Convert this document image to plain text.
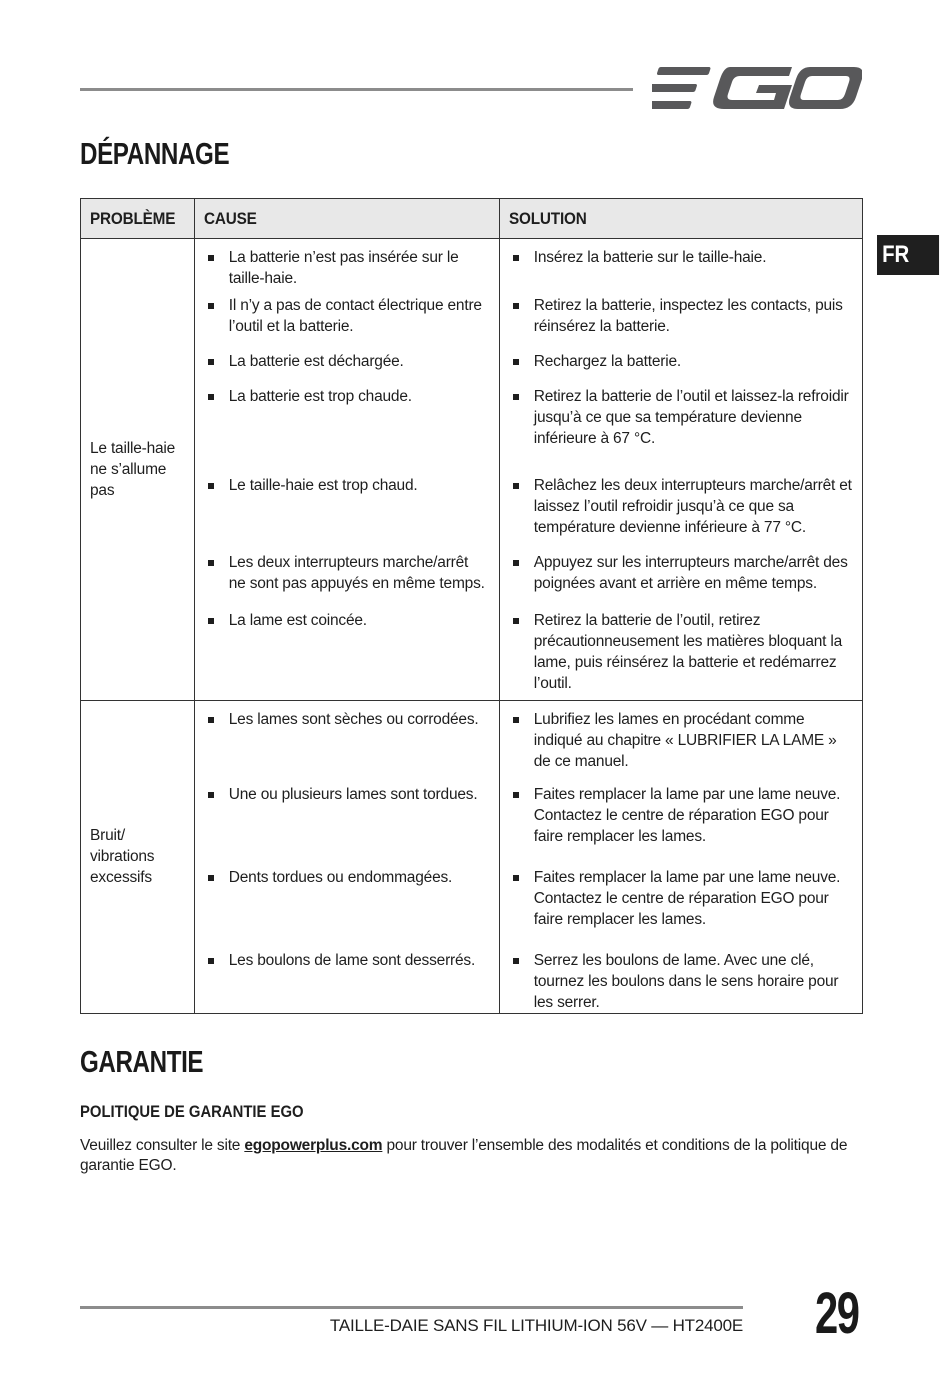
FR
DÉPANNAGE
PROBLÈME	CAUSE	SOLUTION
Le taille-haie ne s’allume pas	La batterie n’est pas insérée sur le taille-haie.	Insérez la batterie sur le taille-haie.

	Il n’y a pas de contact électrique entre l’outil et la batterie.	Retirez la batterie, inspectez les contacts, puis réinsérez la batterie.

	La batterie est déchargée.	Rechargez la batterie.

	La batterie est trop chaude.	Retirez la batterie de l’outil et laissez-la refroidir jusqu’à ce que sa température devienne inférieure à 67 °C.

	Le taille-haie est trop chaud.	Relâchez les deux interrupteurs marche/arrêt et laissez l’outil refroidir jusqu’à ce que sa température devienne inférieure à 77 °C.

	Les deux interrupteurs marche/arrêt ne sont pas appuyés en même temps.	Appuyez sur les interrupteurs marche/arrêt des poignées avant et arrière en même temps.

	La lame est coincée.	Retirez la batterie de l’outil, retirez précautionneusement les matières bloquant la lame, puis réinsérez la batterie et redémarrez l’outil.

Bruit/ vibrations excessifs	Les lames sont sèches ou corrodées.	Lubrifiez les lames en procédant comme indiqué au chapitre « LUBRIFIER LA LAME » de ce manuel.

	Une ou plusieurs lames sont tordues.	Faites remplacer la lame par une lame neuve. Contactez le centre de réparation EGO pour faire remplacer les lames.

	Dents tordues ou endommagées.	Faites remplacer la lame par une lame neuve. Contactez le centre de réparation EGO pour faire remplacer les lames.

	Les boulons de lame sont desserrés.	Serrez les boulons de lame. Avec une clé, tournez les boulons dans le sens horaire pour les serrer.
GARANTIE
POLITIQUE DE GARANTIE EGO

Veuillez consulter le site egopowerplus.com pour trouver l’ensemble des modalités et conditions de la politique de garantie EGO.

TAILLE-DAIE SANS FIL LITHIUM-ION 56V — HT2400E 29
